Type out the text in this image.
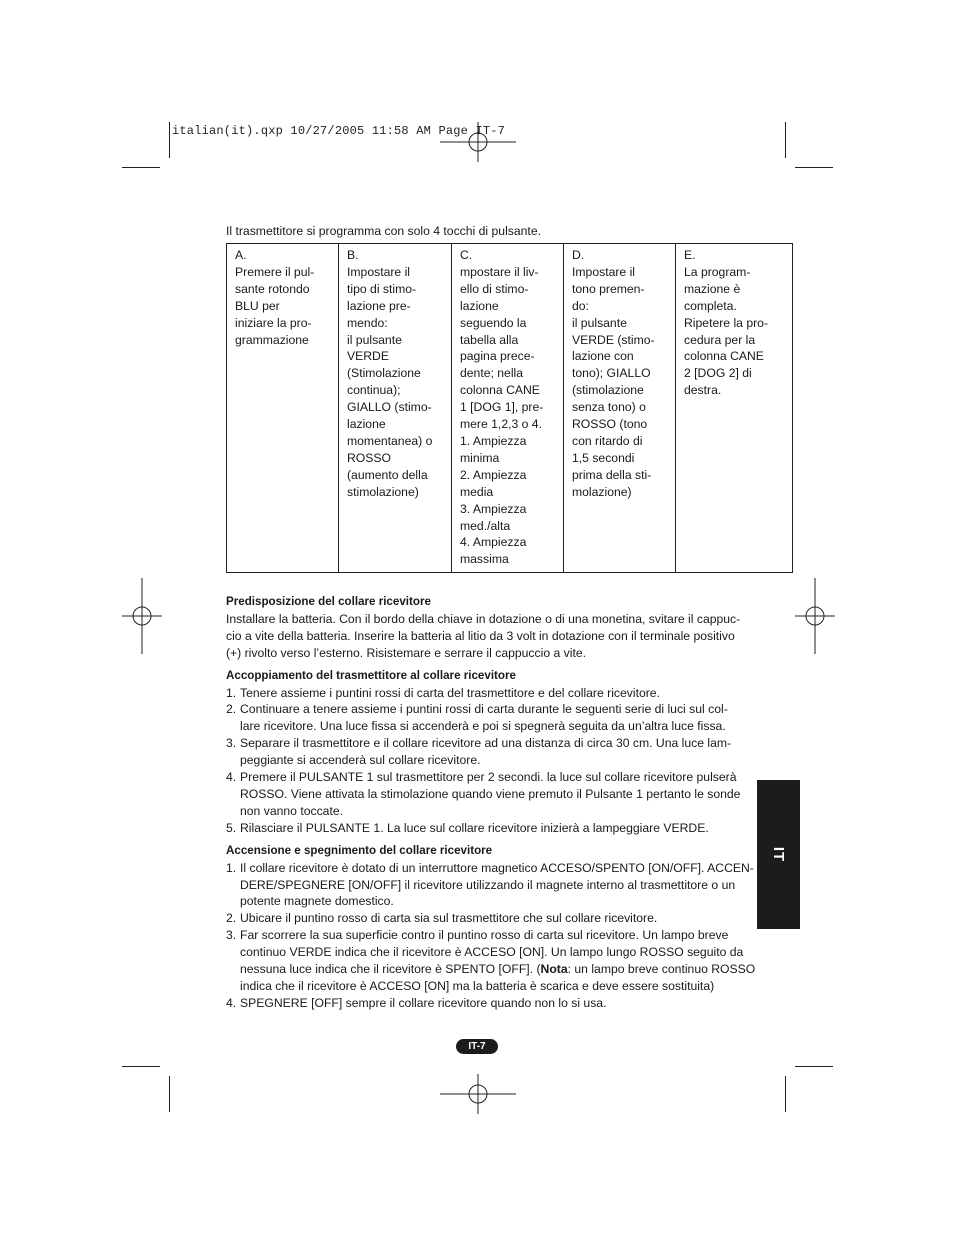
italian(it).qxp 10/27/2005 11:58 AM Page IT-7
Il trasmettitore si programma con solo 4 tocchi di pulsante.
A.
Premere il pul-
sante rotondo
BLU per
iniziare la pro-
grammazione

B.
Impostare il
tipo di stimo-
lazione pre-
mendo:
il pulsante
VERDE
(Stimolazione
continua);
GIALLO (stimo-
lazione
momentanea) o
ROSSO
(aumento della
stimolazione)

C.
mpostare il liv-
ello di stimo-
lazione
seguendo la
tabella alla
pagina prece-
dente; nella
colonna CANE
1 [DOG 1], pre-
mere 1,2,3 o 4.
1. Ampiezza
minima
2. Ampiezza
media
3. Ampiezza
med./alta
4. Ampiezza
massima

D.
Impostare il
tono premen-
do:
il pulsante
VERDE (stimo-
lazione con
tono); GIALLO
(stimolazione
senza tono) o
ROSSO (tono
con ritardo di
1,5 secondi
prima della sti-
molazione)

E.
La program-
mazione è
completa.
Ripetere la pro-
cedura per la
colonna CANE
2 [DOG 2] di
destra.

Predisposizione del collare ricevitore

Installare la batteria. Con il bordo della chiave in dotazione o di una monetina, svitare il cappuc-
cio a vite della batteria. Inserire la batteria al litio da 3 volt in dotazione con il terminale positivo
(+) rivolto verso l’esterno. Risistemare e serrare il cappuccio a vite.

Accoppiamento del trasmettitore al collare ricevitore

1. Tenere assieme i puntini rossi di carta del trasmettitore e del collare ricevitore.
2. Continuare a tenere assieme i puntini rossi di carta durante le seguenti serie di luci sul col-
lare ricevitore. Una luce fissa si accenderà e poi si spegnerà seguita da un’altra luce fissa.
3. Separare il trasmettitore e il collare ricevitore ad una distanza di circa 30 cm. Una luce lam-
peggiante si accenderà sul collare ricevitore.
4. Premere il PULSANTE 1 sul trasmettitore per 2 secondi. la luce sul collare ricevitore pulserà
ROSSO. Viene attivata la stimolazione quando viene premuto il Pulsante 1 pertanto le sonde
non vanno toccate.
5. Rilasciare il PULSANTE 1. La luce sul collare ricevitore inizierà a lampeggiare VERDE.

Accensione e spegnimento del collare ricevitore

1. Il collare ricevitore è dotato di un interruttore magnetico ACCESO/SPENTO [ON/OFF]. ACCEN-
DERE/SPEGNERE [ON/OFF] il ricevitore utilizzando il magnete interno al trasmettitore o un
potente magnete domestico.
2. Ubicare il puntino rosso di carta sia sul trasmettitore che sul collare ricevitore.
3. Far scorrere la sua superficie contro il puntino rosso di carta sul ricevitore. Un lampo breve
continuo VERDE indica che il ricevitore è ACCESO [ON]. Un lampo lungo ROSSO seguito da
nessuna luce indica che il ricevitore è SPENTO [OFF]. (Nota: un lampo breve continuo ROSSO
indica che il ricevitore è ACCESO [ON] ma la batteria è scarica e deve essere sostituita)
4. SPEGNERE [OFF] sempre il collare ricevitore quando non lo si usa.
IT
IT-7
